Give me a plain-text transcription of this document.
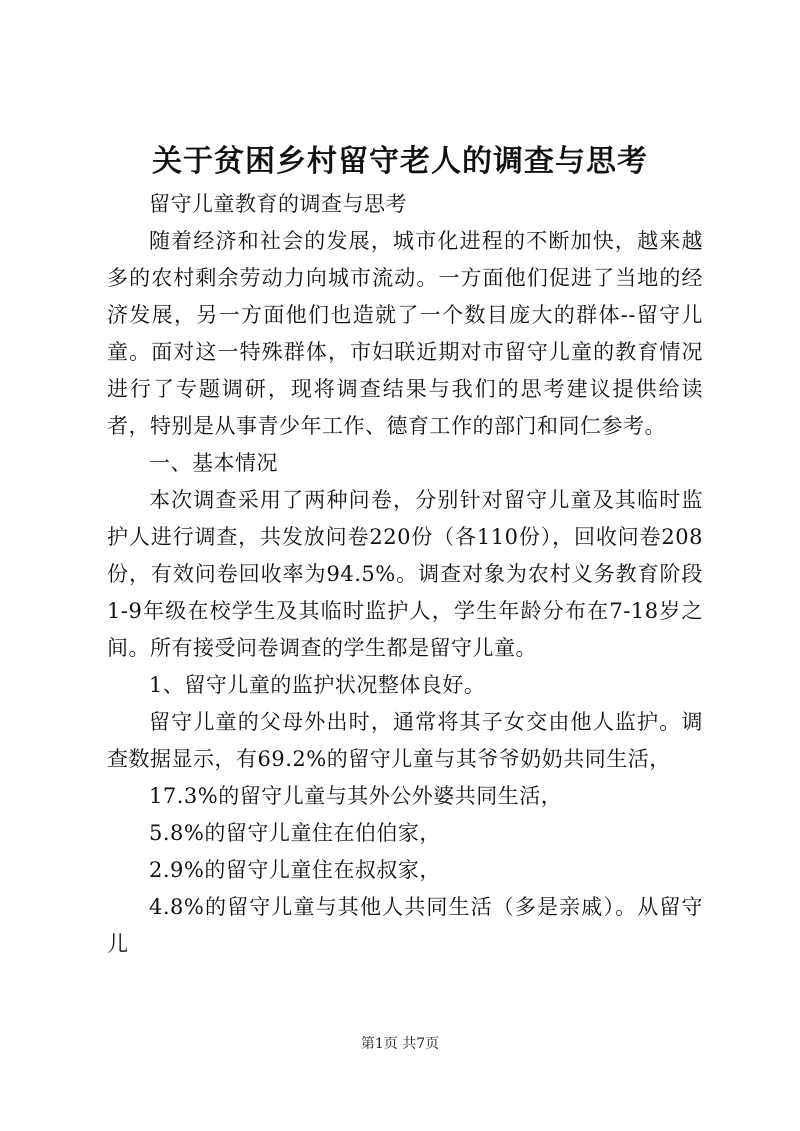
关于贫困乡村留守老人的调查与思考

留守儿童教育的调查与思考

随着经济和社会的发展，城市化进程的不断加快，越来越多的农村剩余劳动力向城市流动。一方面他们促进了当地的经济发展，另一方面他们也造就了一个数目庞大的群体--留守儿童。面对这一特殊群体，市妇联近期对市留守儿童的教育情况进行了专题调研，现将调查结果与我们的思考建议提供给读者，特别是从事青少年工作、德育工作的部门和同仁参考。

一、基本情况

本次调查采用了两种问卷，分别针对留守儿童及其临时监护人进行调查，共发放问卷220份（各110份），回收问卷208份，有效问卷回收率为94.5%。调查对象为农村义务教育阶段1-9年级在校学生及其临时监护人，学生年龄分布在7-18岁之间。所有接受问卷调查的学生都是留守儿童。

1、留守儿童的监护状况整体良好。

留守儿童的父母外出时，通常将其子女交由他人监护。调查数据显示，有69.2%的留守儿童与其爷爷奶奶共同生活，

17.3%的留守儿童与其外公外婆共同生活，

5.8%的留守儿童住在伯伯家，

2.9%的留守儿童住在叔叔家，

4.8%的留守儿童与其他人共同生活（多是亲戚）。从留守儿

第1页 共7页
